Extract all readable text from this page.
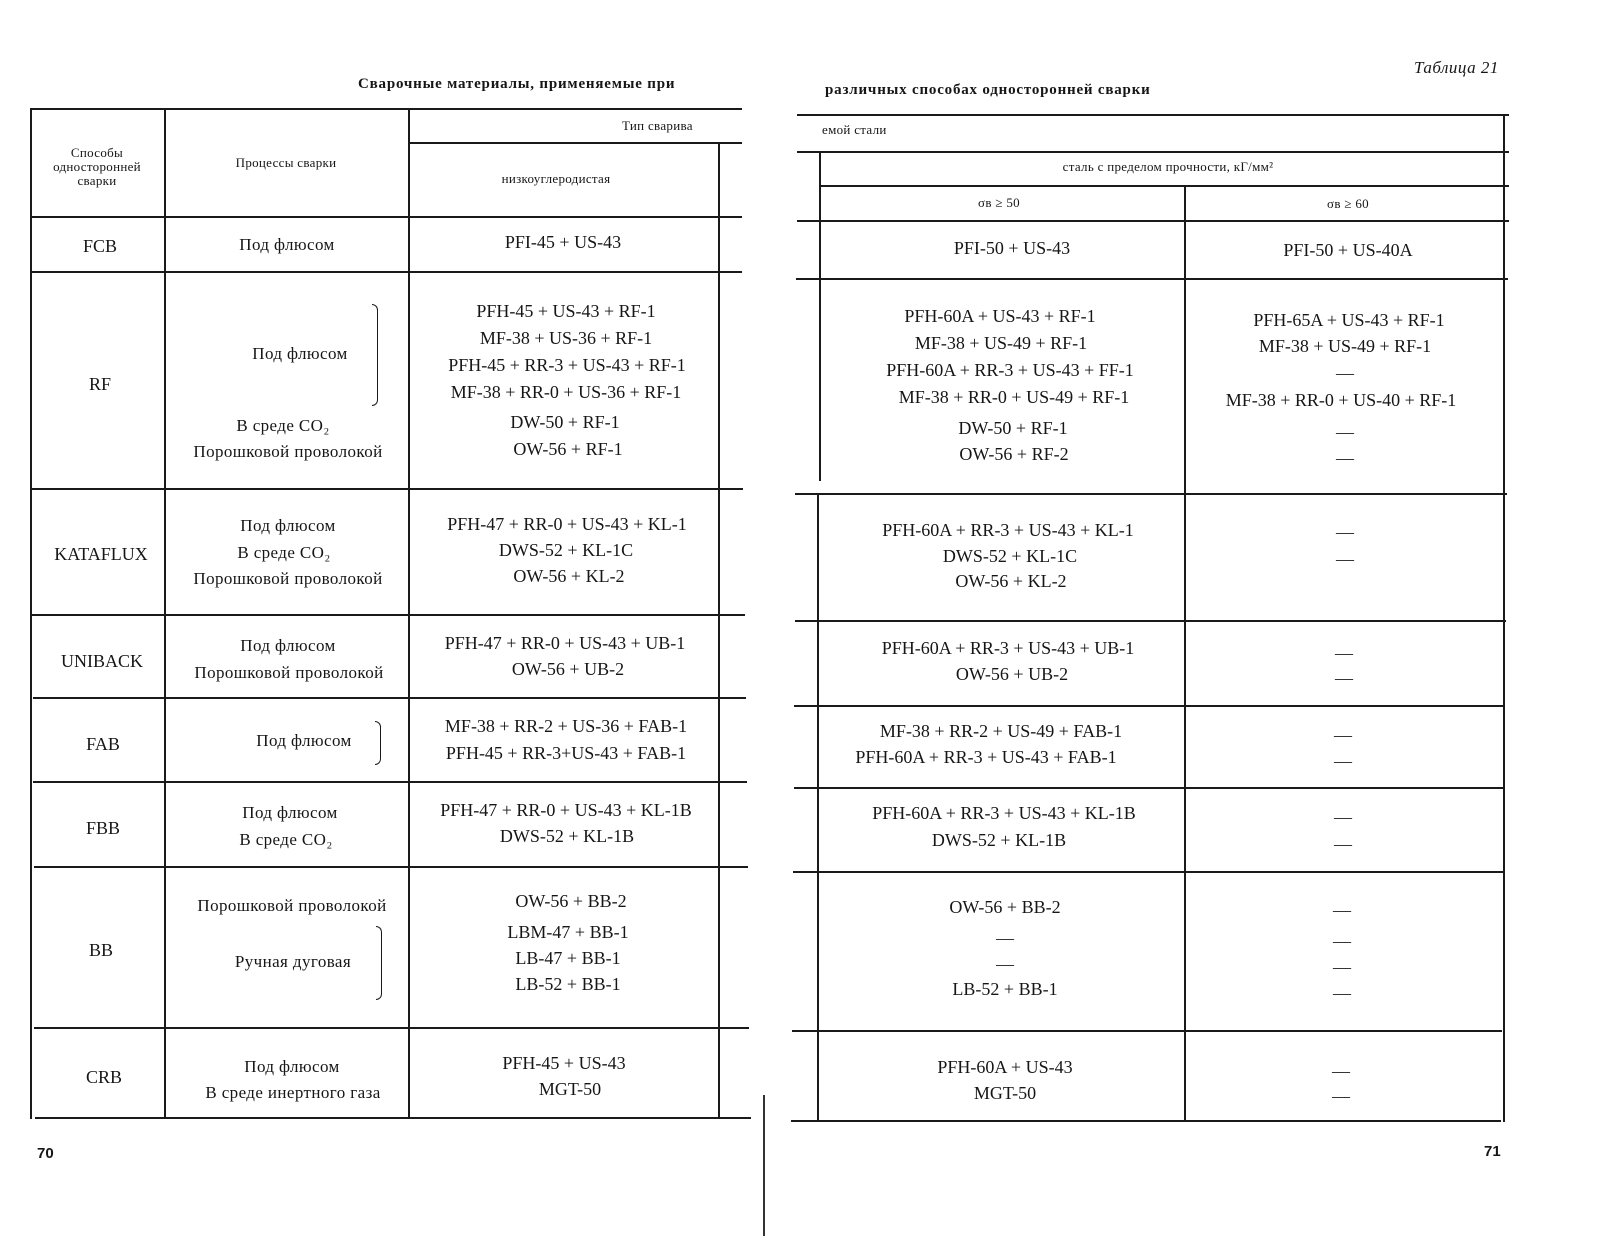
Сварочные материалы, применяемые при
Способы односторонней сварки
Процессы сварки
Тип сварива
низкоуглеродистая
FCB
RF
KATAFLUX
UNIBACK
FAB
FBB
BB
CRB
Под флюсом
Под флюсом
В среде CO₂
Порошковой проволокой
Под флюсом
В среде CO₂
Порошковой проволокой
Под флюсом
Порошковой проволокой
Под флюсом
Под флюсом
В среде CO₂
Порошковой проволокой
Ручная дуговая
Под флюсом
В среде инертного газа
PFI-45 + US-43
PFH-45 + US-43 + RF-1
MF-38 + US-36 + RF-1
PFH-45 + RR-3 + US-43 + RF-1
MF-38 + RR-0 + US-36 + RF-1
DW-50 + RF-1
OW-56 + RF-1
PFH-47 + RR-0 + US-43 + KL-1
DWS-52 + KL-1C
OW-56 + KL-2
PFH-47 + RR-0 + US-43 + UB-1
OW-56 + UB-2
MF-38 + RR-2 + US-36 + FAB-1
PFH-45 + RR-3+US-43 + FAB-1
PFH-47 + RR-0 + US-43 + KL-1B
DWS-52 + KL-1B
OW-56 + BB-2
LBM-47 + BB-1
LB-47 + BB-1
LB-52 + BB-1
PFH-45 + US-43
MGT-50
70
Таблица 21
различных способах односторонней сварки
емой стали
сталь с пределом прочности, кГ/мм²
σв ≥ 50	σв ≥ 60
PFI-50 + US-43
PFH-60A + US-43 + RF-1
MF-38 + US-49 + RF-1
PFH-60A + RR-3 + US-43 + FF-1
MF-38 + RR-0 + US-49 + RF-1
DW-50 + RF-1
OW-56 + RF-2
PFH-60A + RR-3 + US-43 + KL-1
DWS-52 + KL-1C
OW-56 + KL-2
PFH-60A + RR-3 + US-43 + UB-1
OW-56 + UB-2
MF-38 + RR-2 + US-49 + FAB-1
PFH-60A + RR-3 + US-43 + FAB-1
PFH-60A + RR-3 + US-43 + KL-1B
DWS-52 + KL-1B
OW-56 + BB-2
—
—
LB-52 + BB-1
PFH-60A + US-43
MGT-50
PFI-50 + US-40A
PFH-65A + US-43 + RF-1
MF-38 + US-49 + RF-1
—
MF-38 + RR-0 + US-40 + RF-1
—
—
—
—
—
—
—
—
—
—
—
—
—
—
—
—
71
